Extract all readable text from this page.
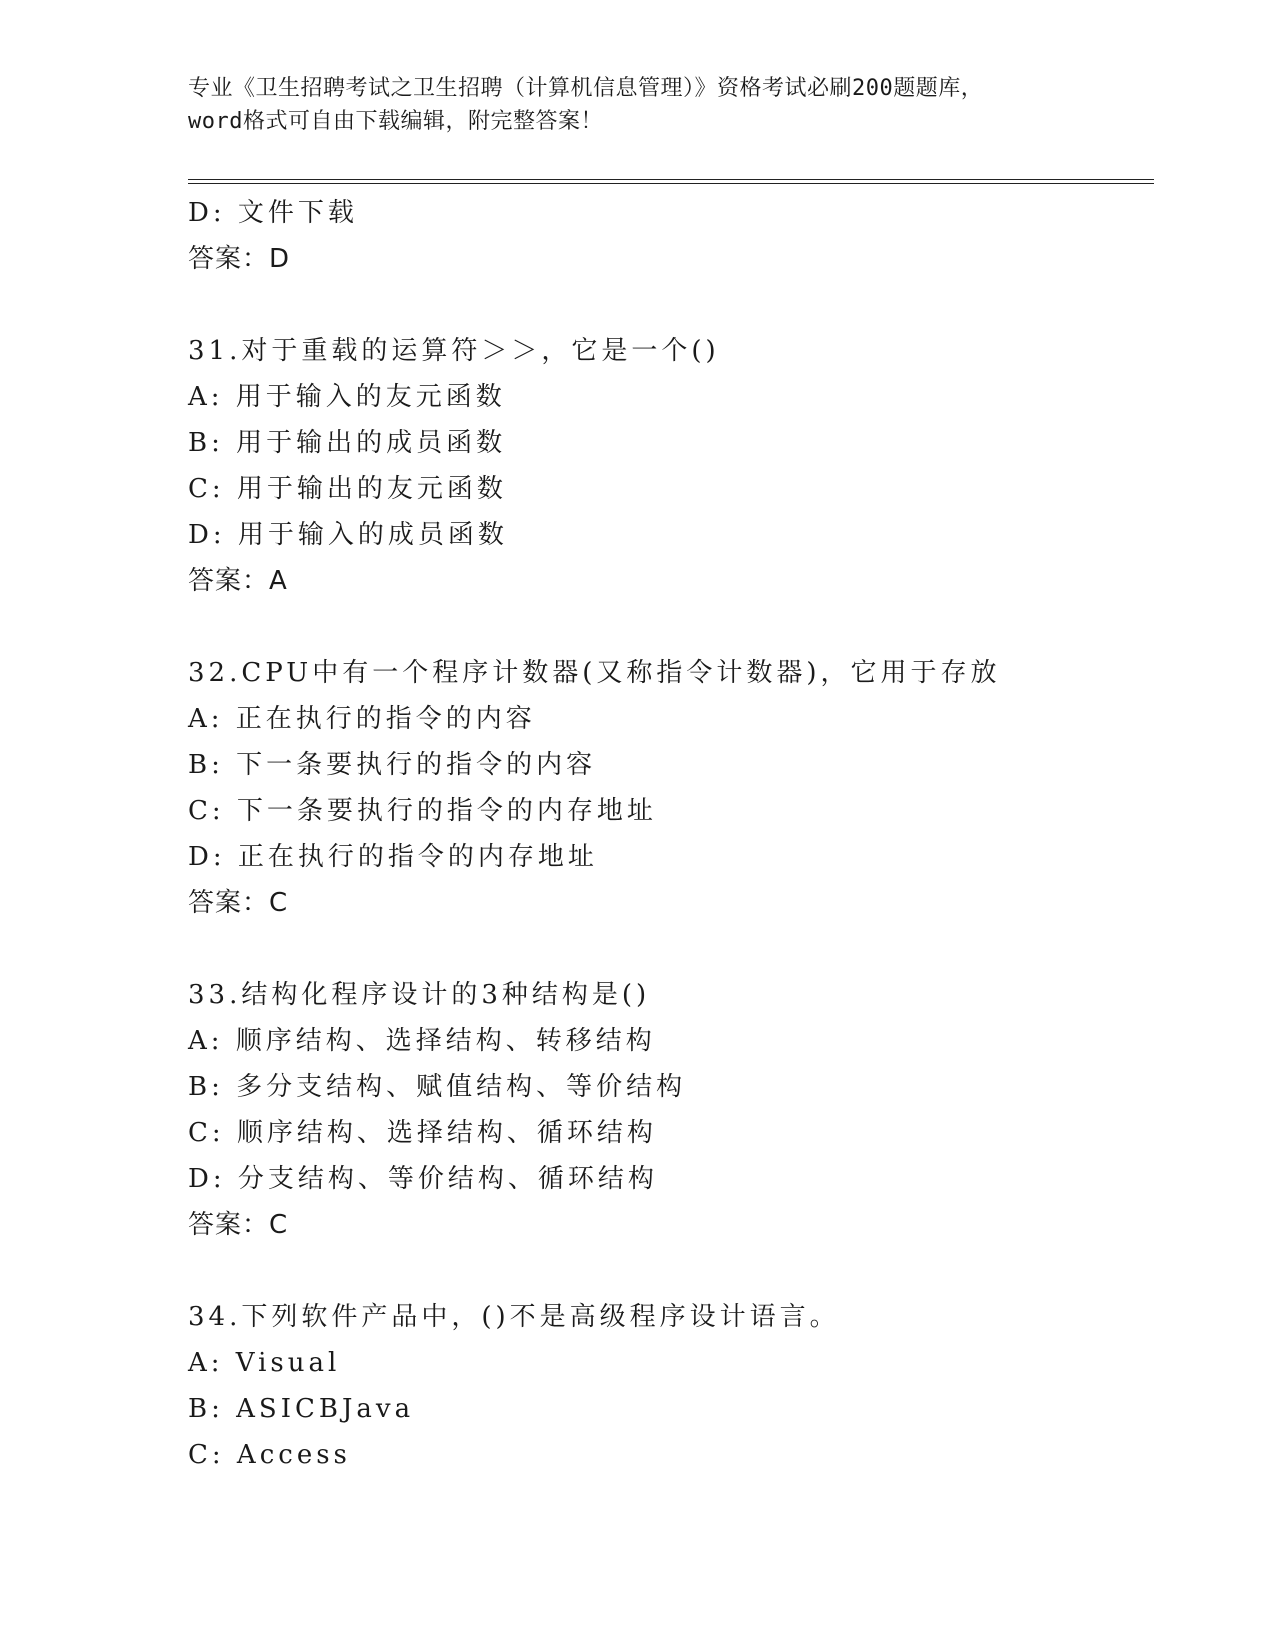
专业《卫生招聘考试之卫生招聘（计算机信息管理）》资格考试必刷200题题库，
word格式可自由下载编辑，附完整答案！
D: 文件下载
答案：D
31.对于重载的运算符＞＞，它是一个()
A: 用于输入的友元函数
B: 用于输出的成员函数
C: 用于输出的友元函数
D: 用于输入的成员函数
答案：A
32.CPU中有一个程序计数器(又称指令计数器)，它用于存放
A: 正在执行的指令的内容
B: 下一条要执行的指令的内容
C: 下一条要执行的指令的内存地址
D: 正在执行的指令的内存地址
答案：C
33.结构化程序设计的3种结构是()
A: 顺序结构、选择结构、转移结构
B: 多分支结构、赋值结构、等价结构
C: 顺序结构、选择结构、循环结构
D: 分支结构、等价结构、循环结构
答案：C
34.下列软件产品中，()不是高级程序设计语言。
A: Visual
B: ASICBJava
C: Access
